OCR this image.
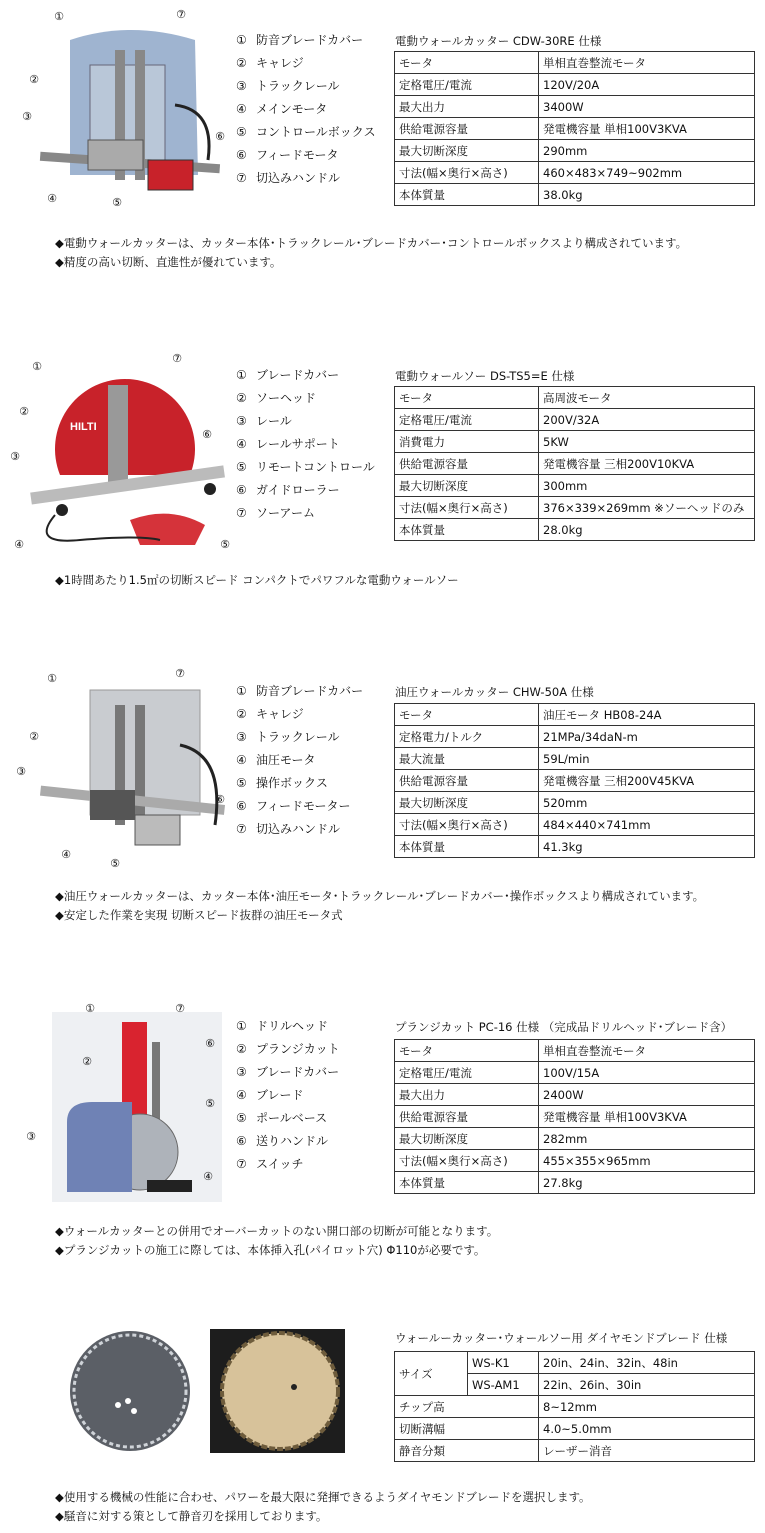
①	⑦
②
③
⑥
④	⑤
① 防音ブレードカバー
② キャレジ
③ トラックレール
④ メインモータ
⑤ コントロールボックス
⑥ フィードモータ
⑦ 切込みハンドル
電動ウォールカッター CDW-30RE 仕様
モータ	単相直巻整流モータ
定格電圧/電流	120V/20A
最大出力	3400W
供給電源容量	発電機容量 単相100V3KVA
最大切断深度	290mm
寸法(幅×奥行×高さ)	460×483×749~902mm
本体質量	38.0kg
◆電動ウォールカッターは、カッター本体･トラックレール･ブレードカバー･コントロールボックスより構成されています。
◆精度の高い切断、直進性が優れています。
HILTI
①
⑦
②
⑥
③
④	⑤
① ブレードカバー
② ソーヘッド
③ レール
④ レールサポート
⑤ リモートコントロール
⑥ ガイドローラー
⑦ ソーアーム
電動ウォールソー DS-TS5=E 仕様
モータ	高周波モータ
定格電圧/電流	200V/32A
消費電力	5KW
供給電源容量	発電機容量 三相200V10KVA
最大切断深度	300mm
寸法(幅×奥行×高さ)	376×339×269mm ※ソーヘッドのみ
本体質量	28.0kg
◆1時間あたり1.5㎡の切断スピード コンパクトでパワフルな電動ウォールソー
①	⑦
②
③
⑥
④
⑤
① 防音ブレードカバー
② キャレジ
③ トラックレール
④ 油圧モータ
⑤ 操作ボックス
⑥ フィードモーター
⑦ 切込みハンドル
油圧ウォールカッター CHW-50A 仕様
モータ	油圧モータ HB08-24A
定格電力/トルク	21MPa/34daN-m
最大流量	59L/min
供給電源容量	発電機容量 三相200V45KVA
最大切断深度	520mm
寸法(幅×奥行×高さ)	484×440×741mm
本体質量	41.3kg
◆油圧ウォールカッターは、カッター本体･油圧モータ･トラックレール･ブレードカバー･操作ボックスより構成されています。
◆安定した作業を実現 切断スピード抜群の油圧モータ式
①	⑦
⑥
②
⑤
③
④
① ドリルヘッド
② プランジカット
③ ブレードカバー
④ ブレード
⑤ ポールベース
⑥ 送りハンドル
⑦ スイッチ
プランジカット PC-16 仕様 （完成品ドリルヘッド･ブレード含）
モータ	単相直巻整流モータ
定格電圧/電流	100V/15A
最大出力	2400W
供給電源容量	発電機容量 単相100V3KVA
最大切断深度	282mm
寸法(幅×奥行×高さ)	455×355×965mm
本体質量	27.8kg
◆ウォールカッターとの併用でオーバーカットのない開口部の切断が可能となります。
◆プランジカットの施工に際しては、本体挿入孔(パイロット穴) Φ110が必要です。
ウォールーカッター･ウォールソー用 ダイヤモンドブレード 仕様
サイズ	WS-K1	20in、24in、32in、48in
	WS-AM1	22in、26in、30in
チップ高		8~12mm
切断溝幅		4.0~5.0mm
静音分類		レーザー消音
◆使用する機械の性能に合わせ、パワーを最大限に発揮できるようダイヤモンドブレードを選択します。
◆騒音に対する策として静音刃を採用しております。
